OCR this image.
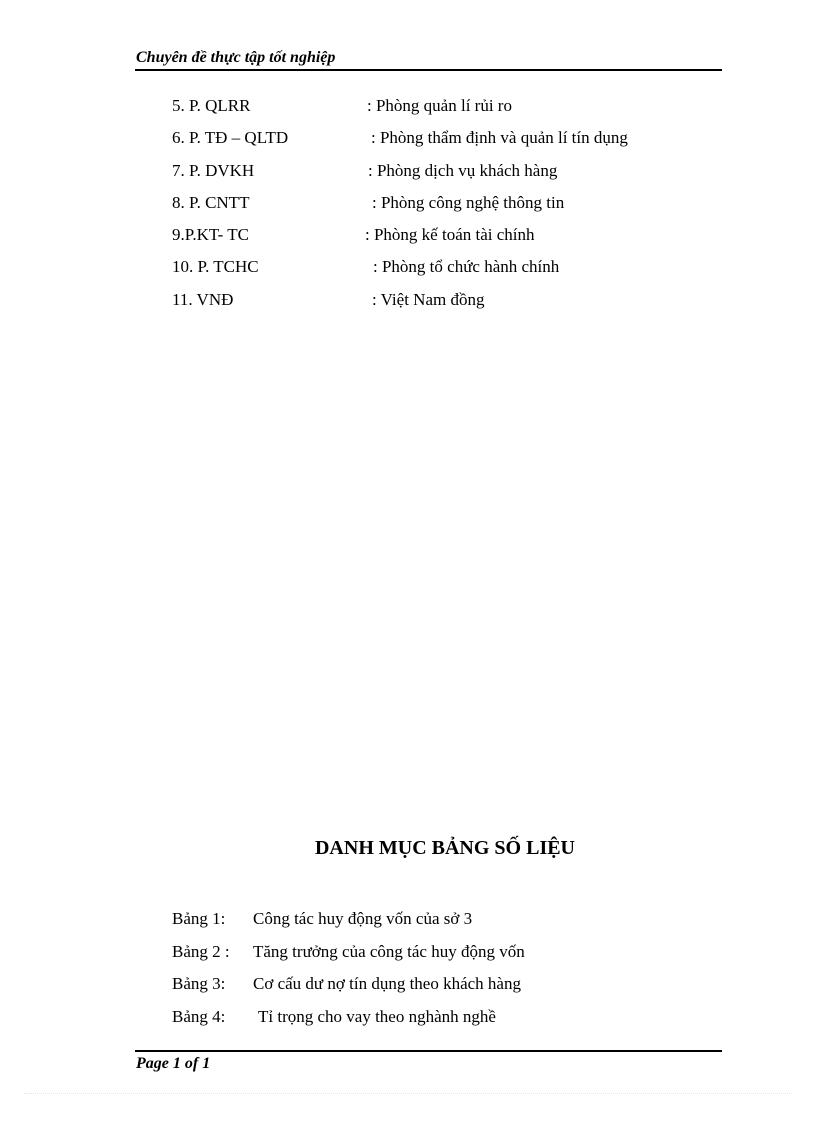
Chuyên đề thực tập tốt nghiệp
5. P. QLRR	: Phòng quản lí rủi ro
6. P. TĐ – QLTD	: Phòng thẩm định và quản lí tín dụng
7. P. DVKH	: Phòng dịch vụ khách hàng
8. P. CNTT	: Phòng công nghệ thông tin
9.P.KT- TC	: Phòng kế toán tài chính
10. P. TCHC	: Phòng tổ chức hành chính
11. VNĐ	: Việt Nam đồng
DANH MỤC BẢNG SỐ LIỆU
Bảng 1: Công tác huy động vốn của sở 3
Bảng 2 : Tăng trưởng của công tác huy động vốn
Bảng 3: Cơ cấu dư nợ tín dụng theo khách hàng
Bảng 4: Tỉ trọng cho vay theo nghành nghề
Page 1 of 1
